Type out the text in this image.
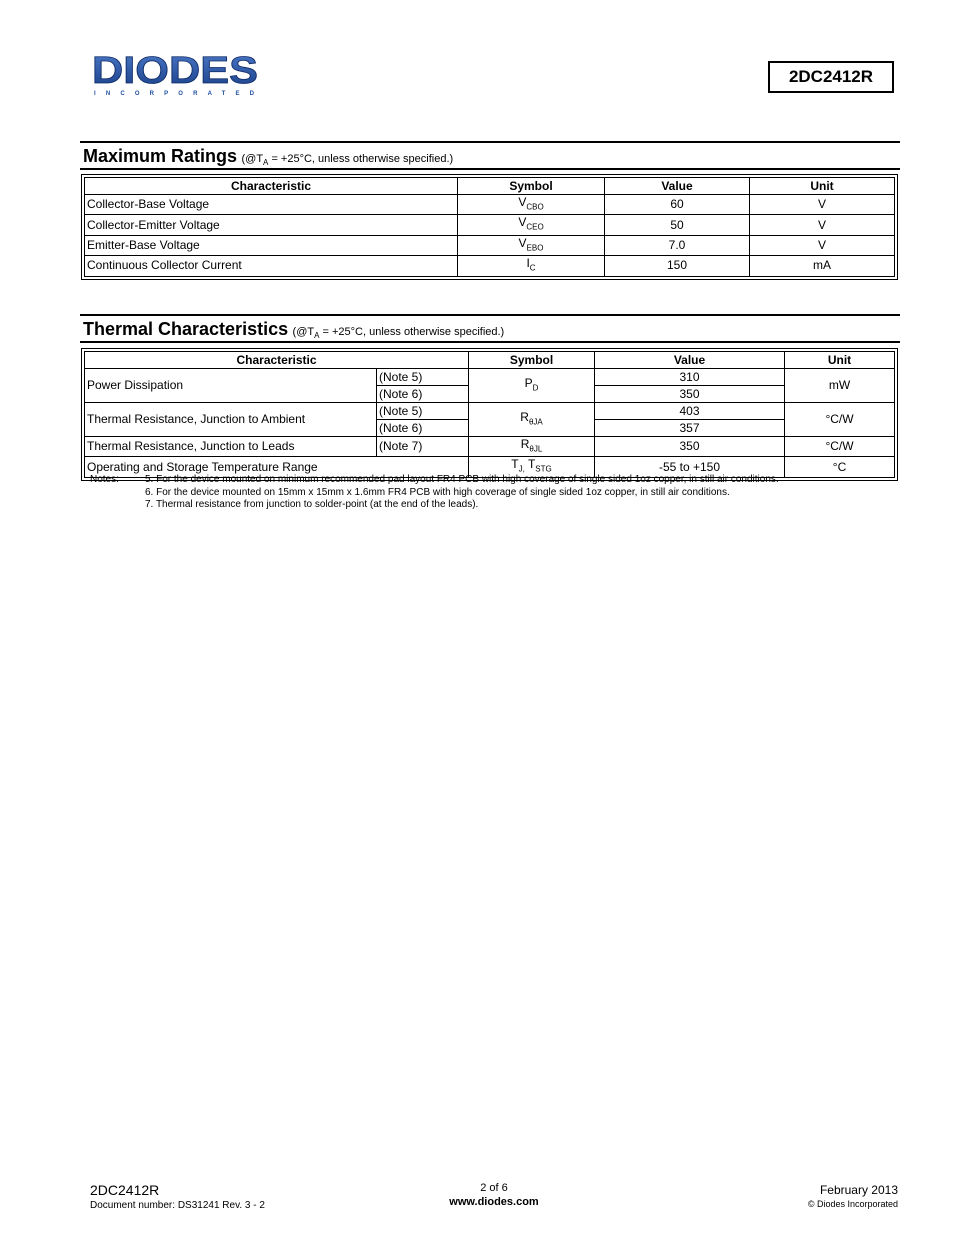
DIODES
INCORPORATED
2DC2412R
Maximum Ratings ($@T_A = +25^\circ C$, unless otherwise specified.)
Characteristic	Symbol	Value	Unit
Collector-Base Voltage	$V_{CBO}$	60	V
Collector-Emitter Voltage	$V_{CEO}$	50	V
Emitter-Base Voltage	$V_{EBO}$	7.0	V
Continuous Collector Current	$I_C$	150	mA
Thermal Characteristics ($@T_A = +25^\circ C$, unless otherwise specified.)
Characteristic		Symbol	Value	Unit
Power Dissipation	(Note 5)	$P_D$	310	mW
	(Note 6)		350	
Thermal Resistance, Junction to Ambient	(Note 5)	$R_{\theta JA}$	403	°C/W
	(Note 6)		357	
Thermal Resistance, Junction to Leads	(Note 7)	$R_{\theta JL}$	350	°C/W
Operating and Storage Temperature Range		$T_{J,}$ $T_{STG}$	-55 to +150	°C
Notes:	5. For the device mounted on minimum recommended pad layout FR4 PCB with high coverage of single sided 1oz copper, in still air conditions.
6. For the device mounted on 15mm x 15mm x 1.6mm FR4 PCB with high coverage of single sided 1oz copper, in still air conditions.
7. Thermal resistance from junction to solder-point (at the end of the leads).
2DC2412R
Document number: DS31241 Rev. 3 - 2
2 of 6
www.diodes.com
February 2013
© Diodes Incorporated
